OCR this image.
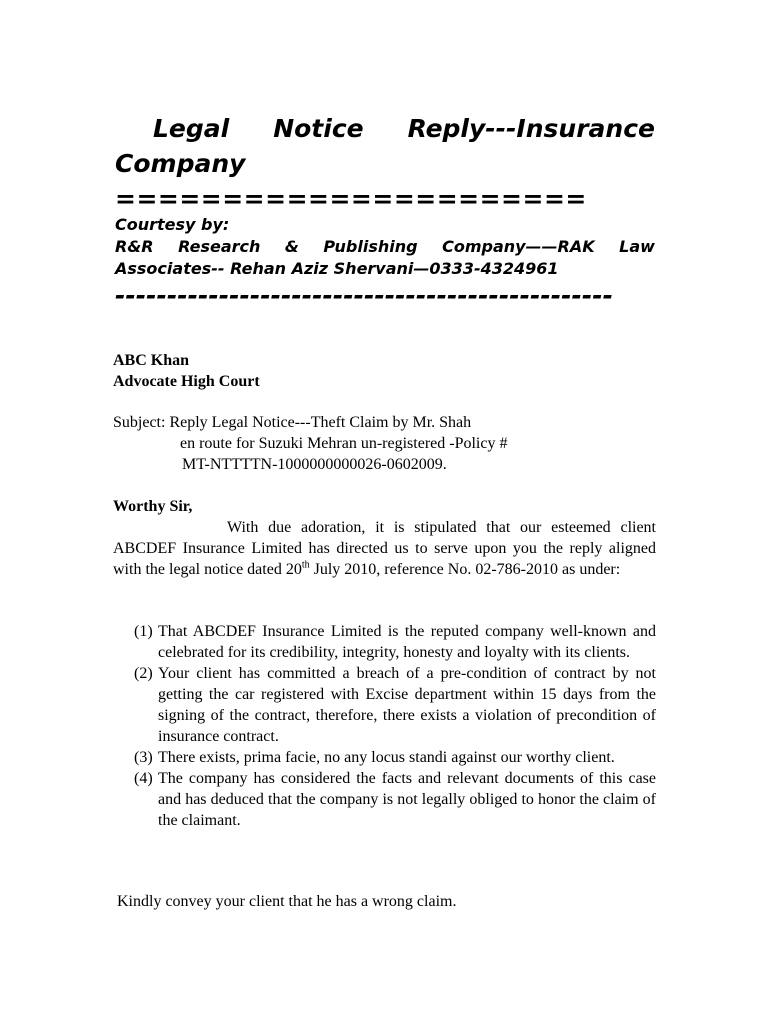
Legal Notice Reply---Insurance
Company
======================
Courtesy by:
R&R Research & Publishing Company——RAK Law
Associates-- Rehan Aziz Shervani—0333-4324961
------------------------------------------------
ABC Khan
Advocate High Court
Subject: Reply Legal Notice---Theft Claim by Mr. Shah
en route for Suzuki Mehran un-registered -Policy #
MT-NTTTTN-1000000000026-0602009.
Worthy Sir,
With due adoration, it is stipulated that our esteemed client ABCDEF Insurance Limited has directed us to serve upon you the reply aligned with the legal notice dated 20th July 2010, reference No. 02-786-2010 as under:
(1) That ABCDEF Insurance Limited is the reputed company well-known and celebrated for its credibility, integrity, honesty and loyalty with its clients.
(2) Your client has committed a breach of a pre-condition of contract by not getting the car registered with Excise department within 15 days from the signing of the contract, therefore, there exists a violation of precondition of insurance contract.
(3) There exists, prima facie, no any locus standi against our worthy client.
(4) The company has considered the facts and relevant documents of this case and has deduced that the company is not legally obliged to honor the claim of the claimant.
Kindly convey your client that he has a wrong claim.
